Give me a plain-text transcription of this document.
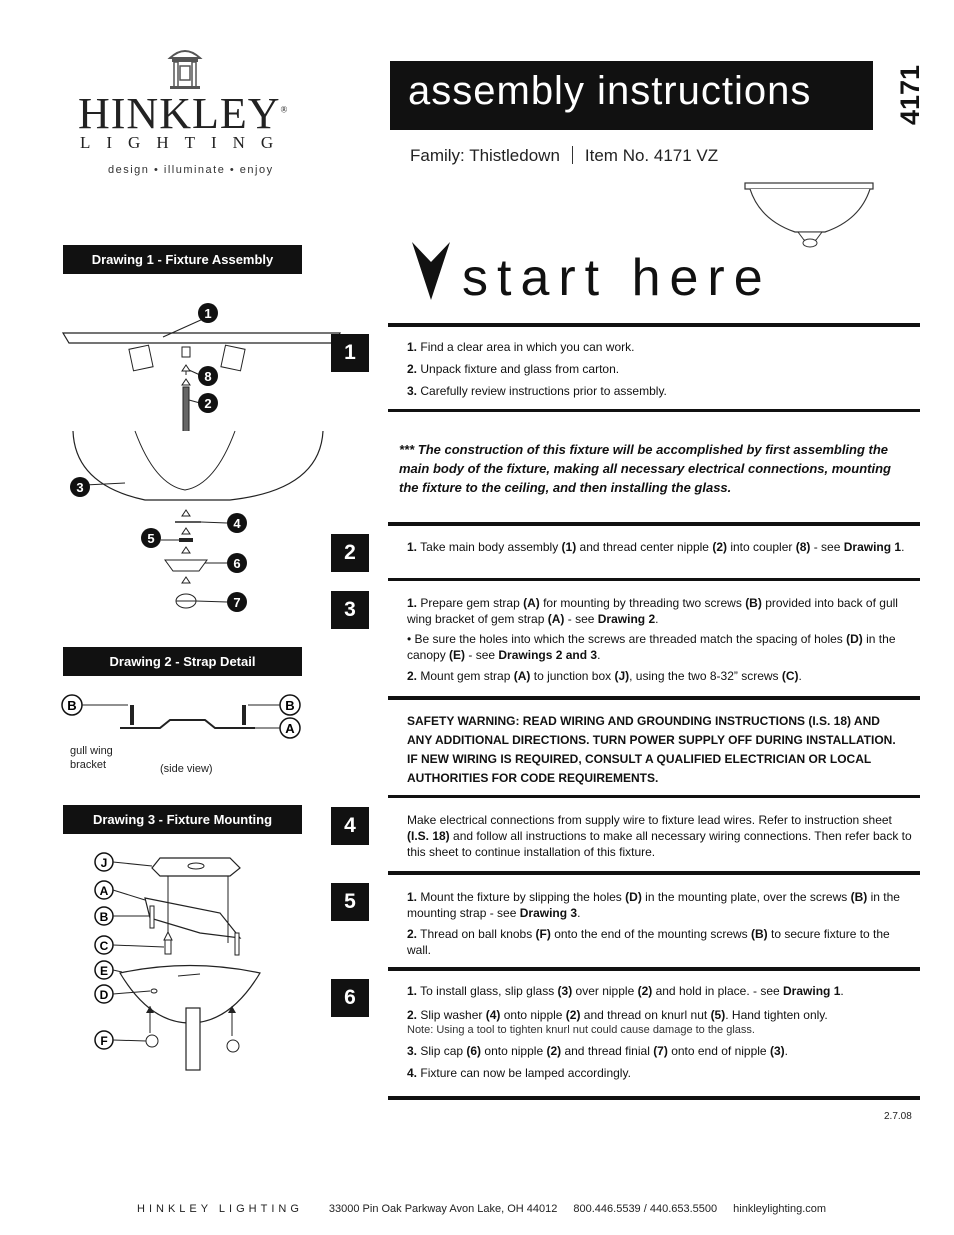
HINKLEY®
LIGHTING
design • illuminate • enjoy
assembly instructions	4171
Family: Thistledown Item No. 4171 VZ
start here
Drawing 1 - Fixture Assembly
1
8
2
3
4
5
6
7
Drawing 2 - Strap Detail
B	B
A
gull wing
bracket	(side view)
Drawing 3 - Fixture Mounting
J
A
B
C
E
D
F
1	1. Find a clear area in which you can work.

2. Unpack fixture and glass from carton.

3. Carefully review instructions prior to assembly.

*** The construction of this fixture will be accomplished by first assembling the main body of the fixture, making all necessary electrical connections, mounting the fixture to the ceiling, and then installing the glass.
2	1. Take main body assembly (1) and thread center nipple (2) into coupler (8) - see Drawing 1.

3	1. Prepare gem strap (A) for mounting by threading two screws (B) provided into back of gull wing bracket of gem strap (A) - see Drawing 2.

• Be sure the holes into which the screws are threaded match the spacing of holes (D) in the canopy (E) - see Drawings 2 and 3.

2. Mount gem strap (A) to junction box (J), using the two 8-32” screws (C).

SAFETY WARNING: READ WIRING AND GROUNDING INSTRUCTIONS (I.S. 18) AND ANY ADDITIONAL DIRECTIONS. TURN POWER SUPPLY OFF DURING INSTALLATION. IF NEW WIRING IS REQUIRED, CONSULT A QUALIFIED ELECTRICIAN OR LOCAL AUTHORITIES FOR CODE REQUIREMENTS.
4	Make electrical connections from supply wire to fixture lead wires. Refer to instruction sheet (I.S. 18) and follow all instructions to make all necessary wiring connections. Then refer back to this sheet to continue installation of this fixture.

5	1. Mount the fixture by slipping the holes (D) in the mounting plate, over the screws (B) in the mounting strap - see Drawing 3.

2. Thread on ball knobs (F) onto the end of the mounting screws (B) to secure fixture to the wall.

6	1. To install glass, slip glass (3) over nipple (2) and hold in place. - see Drawing 1.

2. Slip washer (4) onto nipple (2) and thread on knurl nut (5). Hand tighten only.

Note: Using a tool to tighten knurl nut could cause damage to the glass.

3. Slip cap (6) onto nipple (2) and thread finial (7) onto end of nipple (3).

4. Fixture can now be lamped accordingly.

2.7.08
HINKLEY LIGHTING 33000 Pin Oak Parkway Avon Lake, OH 44012 800.446.5539 / 440.653.5500 hinkleylighting.com
